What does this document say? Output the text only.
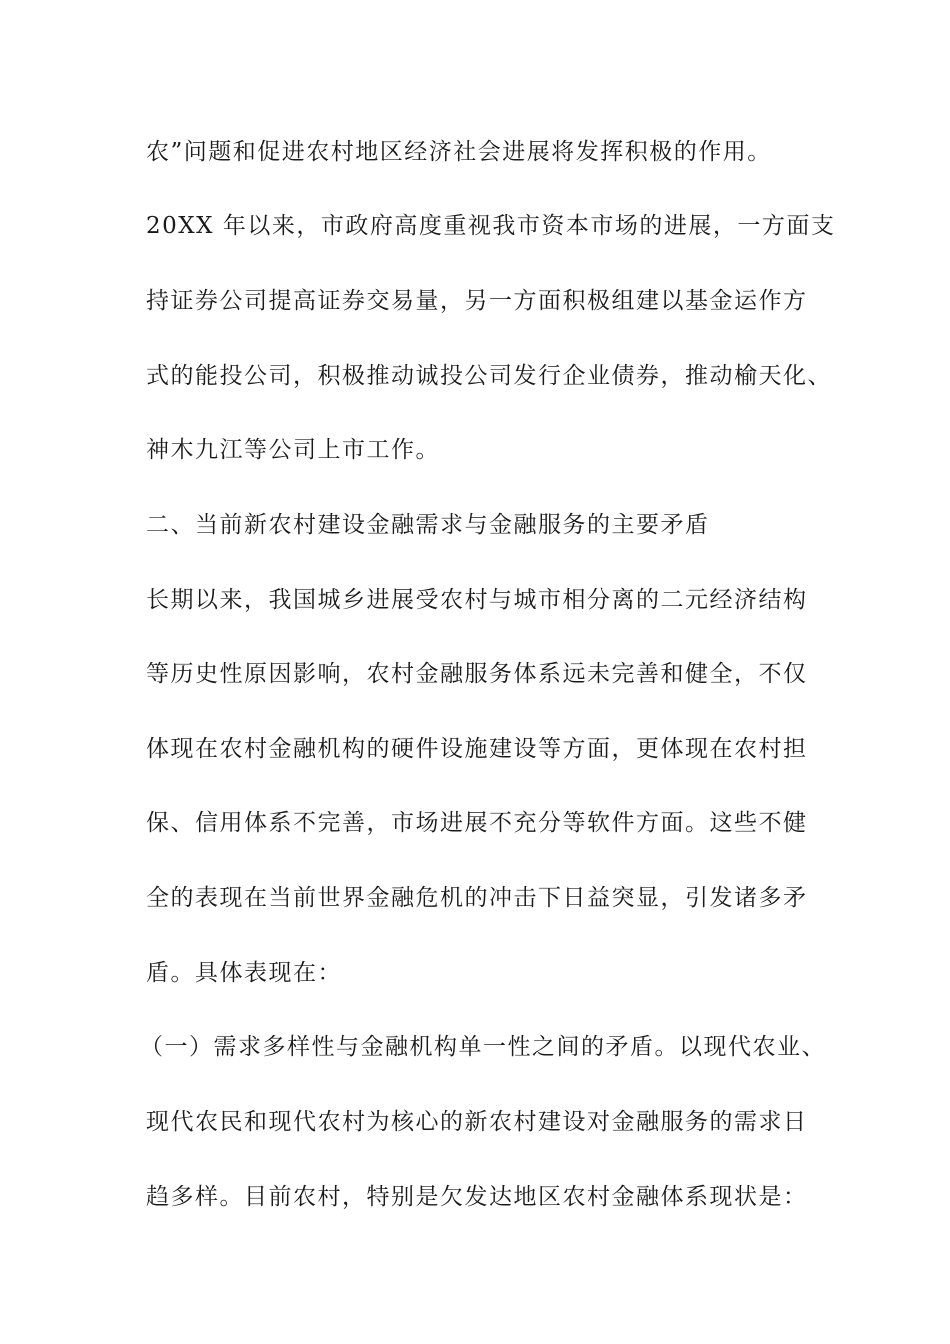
农”问题和促进农村地区经济社会进展将发挥积极的作用。

20XX 年以来，市政府高度重视我市资本市场的进展，一方面支

持证券公司提高证券交易量，另一方面积极组建以基金运作方

式的能投公司，积极推动诚投公司发行企业债券，推动榆天化、

神木九江等公司上市工作。

二、当前新农村建设金融需求与金融服务的主要矛盾

长期以来，我国城乡进展受农村与城市相分离的二元经济结构

等历史性原因影响，农村金融服务体系远未完善和健全，不仅

体现在农村金融机构的硬件设施建设等方面，更体现在农村担

保、信用体系不完善，市场进展不充分等软件方面。这些不健

全的表现在当前世界金融危机的冲击下日益突显，引发诸多矛

盾。具体表现在：

（一）需求多样性与金融机构单一性之间的矛盾。以现代农业、

现代农民和现代农村为核心的新农村建设对金融服务的需求日

趋多样。目前农村，特别是欠发达地区农村金融体系现状是：
